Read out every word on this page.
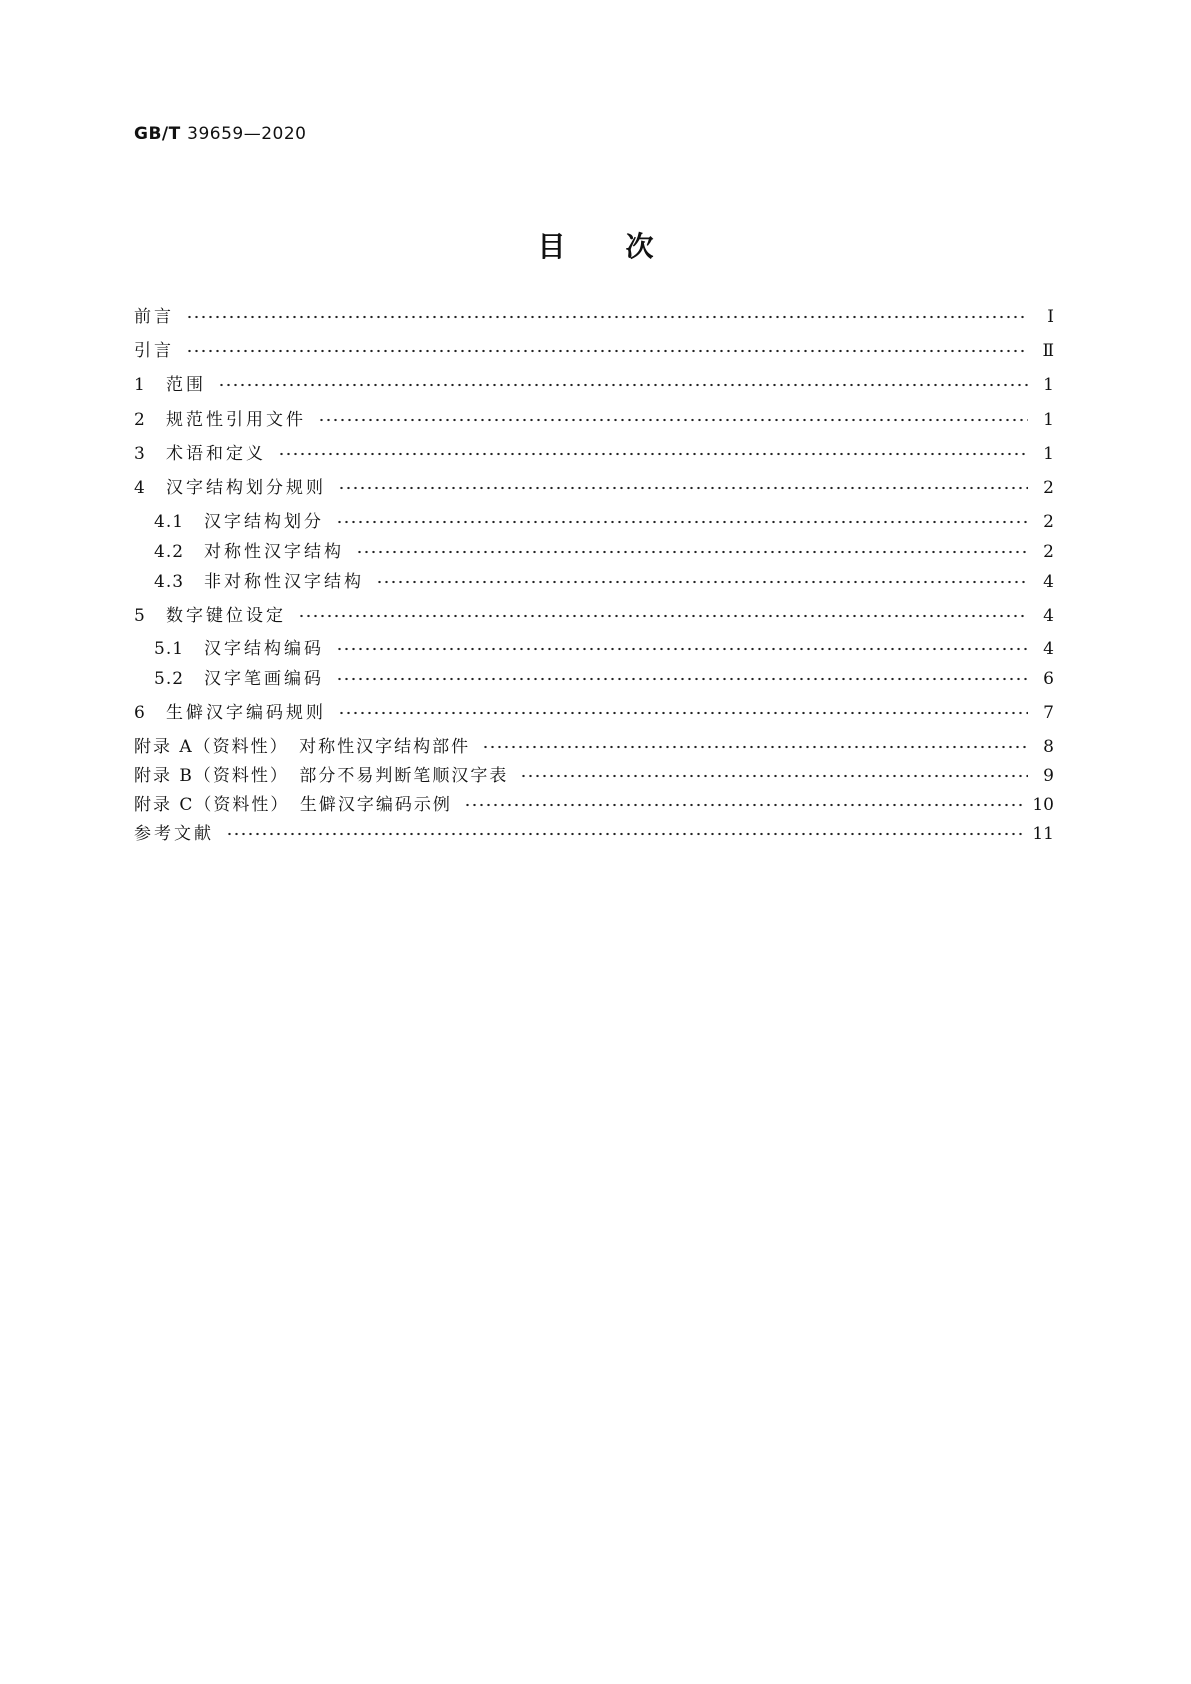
GB/T 39659—2020
目次
前言	Ⅰ
引言	Ⅱ
1	范围	1
2	规范性引用文件	1
3	术语和定义	1
4	汉字结构划分规则	2
4.1	汉字结构划分	2
4.2	对称性汉字结构	2
4.3	非对称性汉字结构	4
5	数字键位设定	4
5.1	汉字结构编码	4
5.2	汉字笔画编码	6
6	生僻汉字编码规则	7
附录 A（资料性）　对称性汉字结构部件	8
附录 B（资料性）　部分不易判断笔顺汉字表	9
附录 C（资料性）　生僻汉字编码示例	10
参考文献	11
